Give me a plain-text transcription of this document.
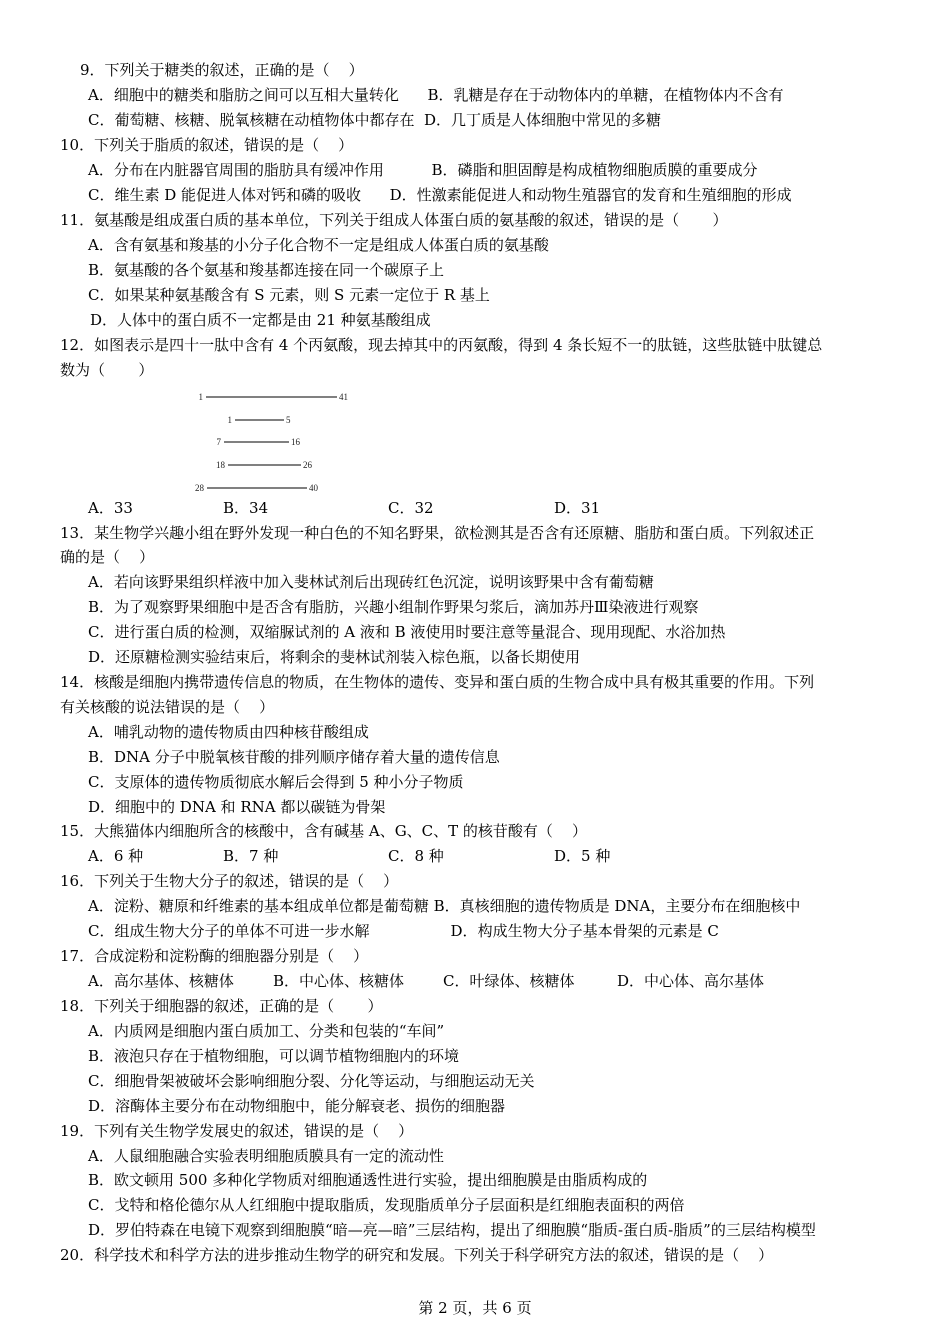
9．下列关于糖类的叙述，正确的是（    ）
A．细胞中的糖类和脂肪之间可以互相大量转化      B．乳糖是存在于动物体内的单糖，在植物体内不含有
C．葡萄糖、核糖、脱氧核糖在动植物体中都存在  D．几丁质是人体细胞中常见的多糖
10．下列关于脂质的叙述，错误的是（    ）
A．分布在内脏器官周围的脂肪具有缓冲作用          B．磷脂和胆固醇是构成植物细胞质膜的重要成分
C．维生素 D 能促进人体对钙和磷的吸收      D．性激素能促进人和动物生殖器官的发育和生殖细胞的形成
11．氨基酸是组成蛋白质的基本单位，下列关于组成人体蛋白质的氨基酸的叙述，错误的是（       ）
A．含有氨基和羧基的小分子化合物不一定是组成人体蛋白质的氨基酸
B．氨基酸的各个氨基和羧基都连接在同一个碳原子上
C．如果某种氨基酸含有 S 元素，则 S 元素一定位于 R 基上
D．人体中的蛋白质不一定都是由 21 种氨基酸组成
12．如图表示是四十一肽中含有 4 个丙氨酸，现去掉其中的丙氨酸，得到 4 条长短不一的肽链，这些肽链中肽键总
数为（       ）
1	41
1	5
7	16
18	26
28	40
A．33	B．34	C．32	D．31
13．某生物学兴趣小组在野外发现一种白色的不知名野果，欲检测其是否含有还原糖、脂肪和蛋白质。下列叙述正
确的是（    ）
A．若向该野果组织样液中加入斐林试剂后出现砖红色沉淀，说明该野果中含有葡萄糖
B．为了观察野果细胞中是否含有脂肪，兴趣小组制作野果匀浆后，滴加苏丹Ⅲ染液进行观察
C．进行蛋白质的检测，双缩脲试剂的 A 液和 B 液使用时要注意等量混合、现用现配、水浴加热
D．还原糖检测实验结束后，将剩余的斐林试剂装入棕色瓶，以备长期使用
14．核酸是细胞内携带遗传信息的物质，在生物体的遗传、变异和蛋白质的生物合成中具有极其重要的作用。下列
有关核酸的说法错误的是（    ）
A．哺乳动物的遗传物质由四种核苷酸组成
B．DNA 分子中脱氧核苷酸的排列顺序储存着大量的遗传信息
C．支原体的遗传物质彻底水解后会得到 5 种小分子物质
D．细胞中的 DNA 和 RNA 都以碳链为骨架
15．大熊猫体内细胞所含的核酸中，含有碱基 A、G、C、T 的核苷酸有（    ）
A．6 种	B．7 种	C．8 种	D．5 种
16．下列关于生物大分子的叙述，错误的是（    ）
A．淀粉、糖原和纤维素的基本组成单位都是葡萄糖 B．真核细胞的遗传物质是 DNA，主要分布在细胞核中
C．组成生物大分子的单体不可进一步水解                 D．构成生物大分子基本骨架的元素是 C
17．合成淀粉和淀粉酶的细胞器分别是（    ）
A．高尔基体、核糖体	B．中心体、核糖体	C．叶绿体、核糖体	D．中心体、高尔基体
18．下列关于细胞器的叙述，正确的是（       ）
A．内质网是细胞内蛋白质加工、分类和包装的“车间”
B．液泡只存在于植物细胞，可以调节植物细胞内的环境
C．细胞骨架被破坏会影响细胞分裂、分化等运动，与细胞运动无关
D．溶酶体主要分布在动物细胞中，能分解衰老、损伤的细胞器
19．下列有关生物学发展史的叙述，错误的是（    ）
A．人鼠细胞融合实验表明细胞质膜具有一定的流动性
B．欧文顿用 500 多种化学物质对细胞通透性进行实验，提出细胞膜是由脂质构成的
C．戈特和格伦德尔从人红细胞中提取脂质，发现脂质单分子层面积是红细胞表面积的两倍
D．罗伯特森在电镜下观察到细胞膜“暗—亮—暗”三层结构，提出了细胞膜“脂质-蛋白质-脂质”的三层结构模型
20．科学技术和科学方法的进步推动生物学的研究和发展。下列关于科学研究方法的叙述，错误的是（    ）
第 2 页，共 6 页
